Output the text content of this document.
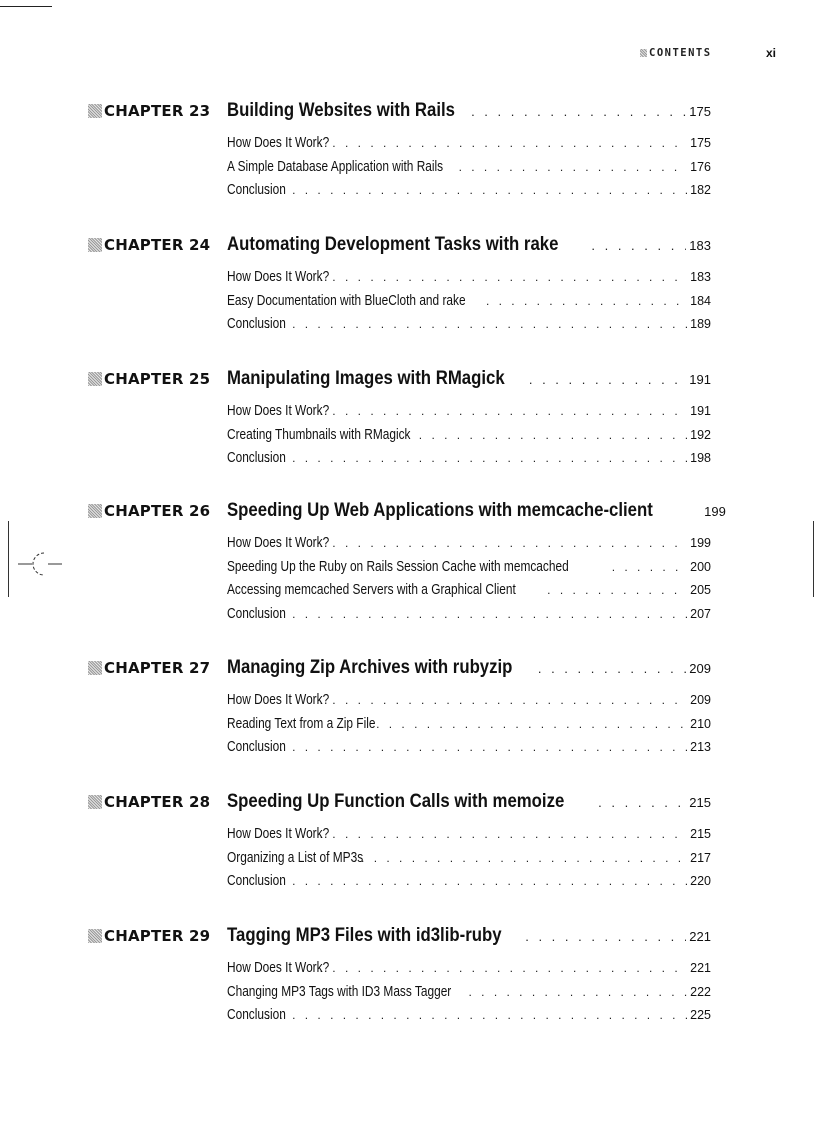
CONTENTS	xi
CHAPTER 23 Building Websites with Rails . . .	175
How Does It Work? . . .	175
A Simple Database Application with Rails . . .	176
Conclusion . . .	182
CHAPTER 24 Automating Development Tasks with rake . . .	183
How Does It Work? . . .	183
Easy Documentation with BlueCloth and rake . . .	184
Conclusion . . .	189
CHAPTER 25 Manipulating Images with RMagick . . .	191
How Does It Work? . . .	191
Creating Thumbnails with RMagick . . .	192
Conclusion . . .	198
CHAPTER 26 Speeding Up Web Applications with memcache-client	199
How Does It Work? . . .	199
Speeding Up the Ruby on Rails Session Cache with memcached . . .	200
Accessing memcached Servers with a Graphical Client . . .	205
Conclusion . . .	207
CHAPTER 27 Managing Zip Archives with rubyzip . . .	209
How Does It Work? . . .	209
Reading Text from a Zip File . . .	210
Conclusion . . .	213
CHAPTER 28 Speeding Up Function Calls with memoize . . .	215
How Does It Work? . . .	215
Organizing a List of MP3s . . .	217
Conclusion . . .	220
CHAPTER 29 Tagging MP3 Files with id3lib-ruby . . .	221
How Does It Work? . . .	221
Changing MP3 Tags with ID3 Mass Tagger . . .	222
Conclusion . . .	225
